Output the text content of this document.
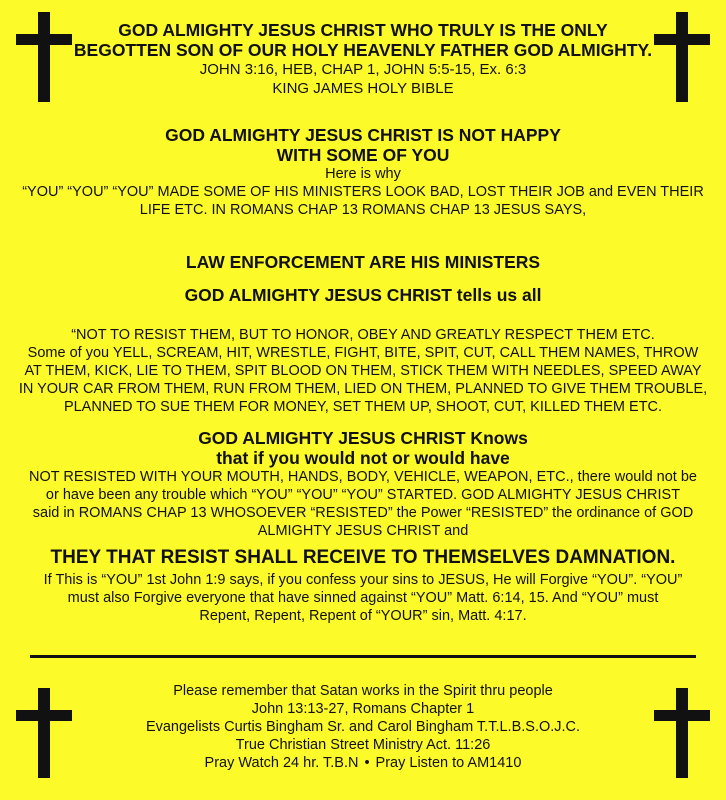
GOD ALMIGHTY JESUS CHRIST WHO TRULY IS THE ONLY
BEGOTTEN SON OF OUR HOLY HEAVENLY FATHER GOD ALMIGHTY.
JOHN 3:16, HEB, CHAP 1, JOHN 5:5-15, Ex. 6:3
KING JAMES HOLY BIBLE
GOD ALMIGHTY JESUS CHRIST IS NOT HAPPY
WITH SOME OF YOU
Here is why
“YOU” “YOU” “YOU” MADE SOME OF HIS MINISTERS LOOK BAD, LOST THEIR JOB and EVEN THEIR
LIFE ETC. IN ROMANS CHAP 13 ROMANS CHAP 13 JESUS SAYS,
LAW ENFORCEMENT ARE HIS MINISTERS
GOD ALMIGHTY JESUS CHRIST tells us all
“NOT TO RESIST THEM, BUT TO HONOR, OBEY AND GREATLY RESPECT THEM ETC.
Some of you YELL, SCREAM, HIT, WRESTLE, FIGHT, BITE, SPIT, CUT, CALL THEM NAMES, THROW
AT THEM, KICK, LIE TO THEM, SPIT BLOOD ON THEM, STICK THEM WITH NEEDLES, SPEED AWAY
IN YOUR CAR FROM THEM, RUN FROM THEM, LIED ON THEM, PLANNED TO GIVE THEM TROUBLE,
PLANNED TO SUE THEM FOR MONEY, SET THEM UP, SHOOT, CUT, KILLED THEM ETC.
GOD ALMIGHTY JESUS CHRIST Knows
that if you would not or would have
NOT RESISTED WITH YOUR MOUTH, HANDS, BODY, VEHICLE, WEAPON, ETC., there would not be
or have been any trouble which “YOU” “YOU” “YOU” STARTED. GOD ALMIGHTY JESUS CHRIST
said in ROMANS CHAP 13 WHOSOEVER “RESISTED” the Power “RESISTED” the ordinance of GOD
ALMIGHTY JESUS CHRIST and
THEY THAT RESIST SHALL RECEIVE TO THEMSELVES DAMNATION.
If This is “YOU” 1st John 1:9 says, if you confess your sins to JESUS, He will Forgive “YOU”. “YOU”
must also Forgive everyone that have sinned against “YOU” Matt. 6:14, 15. And “YOU” must
Repent, Repent, Repent of “YOUR” sin, Matt. 4:17.
Please remember that Satan works in the Spirit thru people
John 13:13-27, Romans Chapter 1
Evangelists Curtis Bingham Sr. and Carol Bingham T.T.L.B.S.O.J.C.
True Christian Street Ministry Act. 11:26
Pray Watch 24 hr. T.B.N • Pray Listen to AM1410
